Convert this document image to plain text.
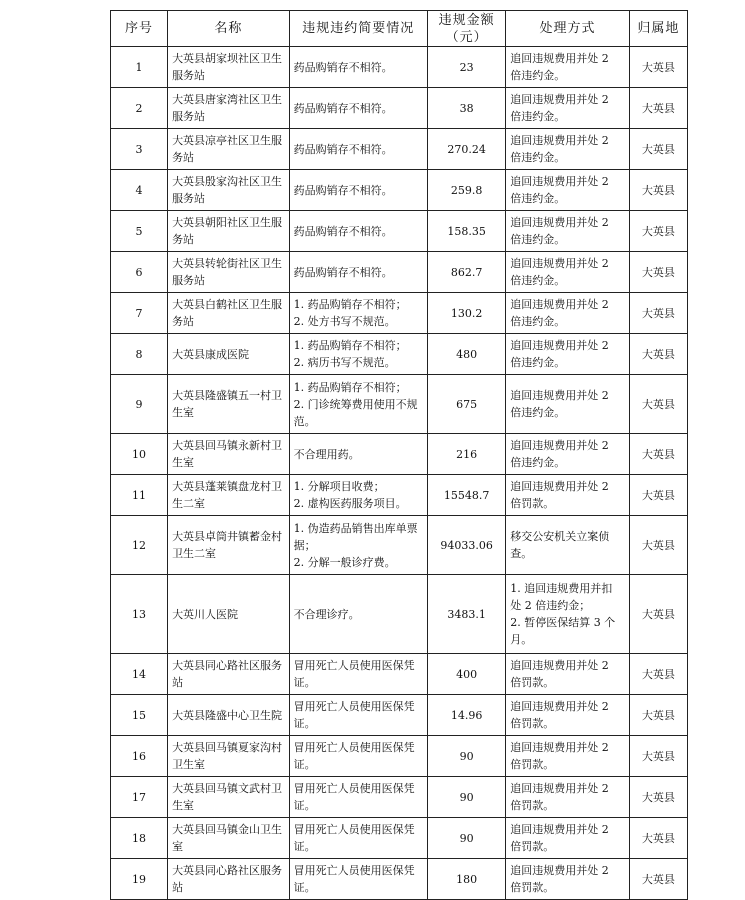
序号	名称	违规违约简要情况	违规金额
（元）	处理方式	归属地
1	大英县胡家坝社区卫生
服务站	药品购销存不相符。	23	追回违规费用并处 2
倍违约金。	大英县
2	大英县唐家湾社区卫生
服务站	药品购销存不相符。	38	追回违规费用并处 2
倍违约金。	大英县
3	大英县凉亭社区卫生服
务站	药品购销存不相符。	270.24	追回违规费用并处 2
倍违约金。	大英县
4	大英县殷家沟社区卫生
服务站	药品购销存不相符。	259.8	追回违规费用并处 2
倍违约金。	大英县
5	大英县朝阳社区卫生服
务站	药品购销存不相符。	158.35	追回违规费用并处 2
倍违约金。	大英县
6	大英县转轮街社区卫生
服务站	药品购销存不相符。	862.7	追回违规费用并处 2
倍违约金。	大英县
7	大英县白鹤社区卫生服
务站	1. 药品购销存不相符；
2. 处方书写不规范。	130.2	追回违规费用并处 2
倍违约金。	大英县
8	大英县康成医院	1. 药品购销存不相符；
2. 病历书写不规范。	480	追回违规费用并处 2
倍违约金。	大英县
9	大英县隆盛镇五一村卫
生室	1. 药品购销存不相符；
2. 门诊统筹费用使用不规
范。	675	追回违规费用并处 2
倍违约金。	大英县
10	大英县回马镇永新村卫
生室	不合理用药。	216	追回违规费用并处 2
倍违约金。	大英县
11	大英县蓬莱镇盘龙村卫
生二室	1. 分解项目收费；
2. 虚构医药服务项目。	15548.7	追回违规费用并处 2
倍罚款。	大英县
12	大英县卓筒井镇蓄金村
卫生二室	1. 伪造药品销售出库单票
据；
2. 分解一般诊疗费。	94033.06	移交公安机关立案侦
查。	大英县
13	大英川人医院	不合理诊疗。	3483.1	1. 追回违规费用并扣
处 2 倍违约金；
2. 暂停医保结算 3 个
月。	大英县
14	大英县同心路社区服务
站	冒用死亡人员使用医保凭
证。	400	追回违规费用并处 2
倍罚款。	大英县
15	大英县隆盛中心卫生院	冒用死亡人员使用医保凭
证。	14.96	追回违规费用并处 2
倍罚款。	大英县
16	大英县回马镇夏家沟村
卫生室	冒用死亡人员使用医保凭
证。	90	追回违规费用并处 2
倍罚款。	大英县
17	大英县回马镇文武村卫
生室	冒用死亡人员使用医保凭
证。	90	追回违规费用并处 2
倍罚款。	大英县
18	大英县回马镇金山卫生
室	冒用死亡人员使用医保凭
证。	90	追回违规费用并处 2
倍罚款。	大英县
19	大英县同心路社区服务
站	冒用死亡人员使用医保凭
证。	180	追回违规费用并处 2
倍罚款。	大英县
